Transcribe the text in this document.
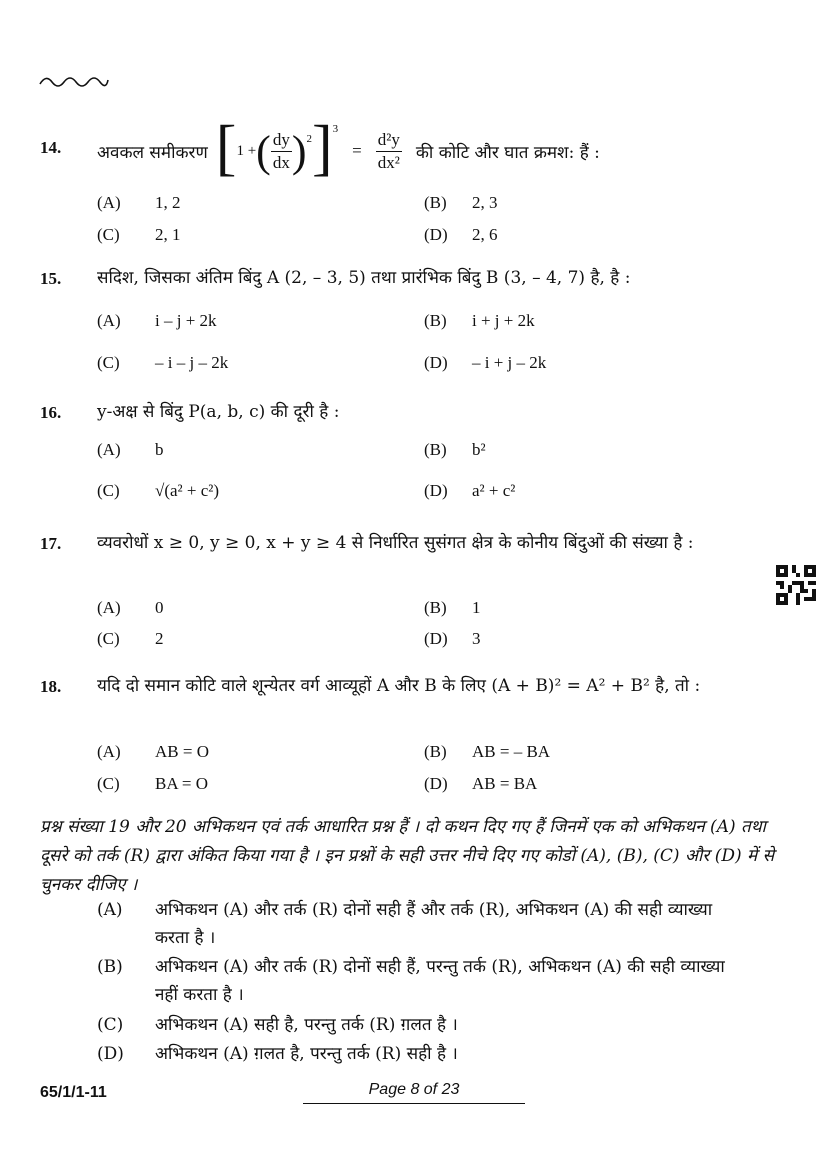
14. अवकल समीकरण [ 1 + ( $\frac{dy}{dx} )^2$ ]$^3$
= $\frac{\text{d²y}}{\text{dx²}}$ की कोटि और घात क्रमश: हैं :
(A) 1, 2	(B) 2, 3
(C) 2, 1	(D) 2, 6
15. सदिश, जिसका अंतिम बिंदु A (2, – 3, 5) तथा प्रारंभिक बिंदु B (3, – 4, 7) है, है :
(A) i – j + 2k	(B) i + j + 2k
(C) – i – j – 2k	(D) – i + j – 2k
16. y-अक्ष से बिंदु P(a, b, c) की दूरी है :
(A) b	(B) b²
(C) √(a² + c²)	(D) a² + c²
17. व्यवरोधों x ≥ 0, y ≥ 0, x + y ≥ 4 से निर्धारित सुसंगत क्षेत्र के कोनीय बिंदुओं की संख्या है :
(A) 0	(B) 1
(C) 2	(D) 3
18. यदि दो समान कोटि वाले शून्येतर वर्ग आव्यूहों A और B के लिए (A + B)² = A² + B² है, तो :
(A) AB = O	(B) AB = – BA
(C) BA = O	(D) AB = BA
प्रश्न संख्या 19 और 20 अभिकथन एवं तर्क आधारित प्रश्न हैं । दो कथन दिए गए हैं जिनमें एक को अभिकथन (A) तथा दूसरे को तर्क (R) द्वारा अंकित किया गया है । इन प्रश्नों के सही उत्तर नीचे दिए गए कोडों (A), (B), (C) और (D) में से चुनकर दीजिए ।
(A) अभिकथन (A) और तर्क (R) दोनों सही हैं और तर्क (R), अभिकथन (A) की सही व्याख्या करता है ।
(B) अभिकथन (A) और तर्क (R) दोनों सही हैं, परन्तु तर्क (R), अभिकथन (A) की सही व्याख्या नहीं करता है ।
(C) अभिकथन (A) सही है, परन्तु तर्क (R) ग़लत है ।
(D) अभिकथन (A) ग़लत है, परन्तु तर्क (R) सही है ।
65/1/1-11	Page 8 of 23
